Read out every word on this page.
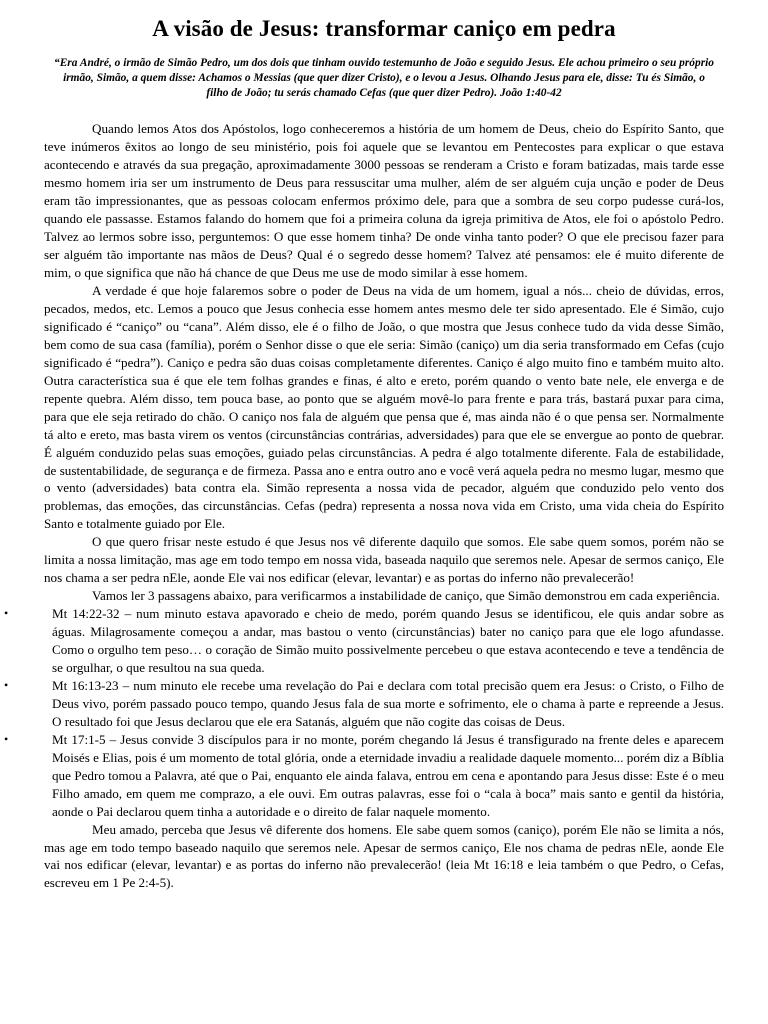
A visão de Jesus: transformar caniço em pedra
“Era André, o irmão de Simão Pedro, um dos dois que tinham ouvido testemunho de João e seguido Jesus. Ele achou primeiro o seu próprio irmão, Simão, a quem disse: Achamos o Messias (que quer dizer Cristo), e o levou a Jesus. Olhando Jesus para ele, disse: Tu és Simão, o filho de João; tu serás chamado Cefas (que quer dizer Pedro). João 1:40-42

Quando lemos Atos dos Apóstolos, logo conheceremos a história de um homem de Deus, cheio do Espírito Santo, que teve inúmeros êxitos ao longo de seu ministério, pois foi aquele que se levantou em Pentecostes para explicar o que estava acontecendo e através da sua pregação, aproximadamente 3000 pessoas se renderam a Cristo e foram batizadas, mais tarde esse mesmo homem iria ser um instrumento de Deus para ressuscitar uma mulher, além de ser alguém cuja unção e poder de Deus eram tão impressionantes, que as pessoas colocam enfermos próximo dele, para que a sombra de seu corpo pudesse curá-los, quando ele passasse. Estamos falando do homem que foi a primeira coluna da igreja primitiva de Atos, ele foi o apóstolo Pedro. Talvez ao lermos sobre isso, perguntemos: O que esse homem tinha? De onde vinha tanto poder? O que ele precisou fazer para ser alguém tão importante nas mãos de Deus? Qual é o segredo desse homem? Talvez até pensamos: ele é muito diferente de mim, o que significa que não há chance de que Deus me use de modo similar à esse homem.

A verdade é que hoje falaremos sobre o poder de Deus na vida de um homem, igual a nós... cheio de dúvidas, erros, pecados, medos, etc. Lemos a pouco que Jesus conhecia esse homem antes mesmo dele ter sido apresentado. Ele é Simão, cujo significado é “caniço” ou “cana”. Além disso, ele é o filho de João, o que mostra que Jesus conhece tudo da vida desse Simão, bem como de sua casa (família), porém o Senhor disse o que ele seria: Simão (caniço) um dia seria transformado em Cefas (cujo significado é “pedra”). Caniço e pedra são duas coisas completamente diferentes. Caniço é algo muito fino e também muito alto. Outra característica sua é que ele tem folhas grandes e finas, é alto e ereto, porém quando o vento bate nele, ele enverga e de repente quebra. Além disso, tem pouca base, ao ponto que se alguém movê-lo para frente e para trás, bastará puxar para cima, para que ele seja retirado do chão. O caniço nos fala de alguém que pensa que é, mas ainda não é o que pensa ser. Normalmente tá alto e ereto, mas basta virem os ventos (circunstâncias contrárias, adversidades) para que ele se envergue ao ponto de quebrar. É alguém conduzido pelas suas emoções, guiado pelas circunstâncias. A pedra é algo totalmente diferente. Fala de estabilidade, de sustentabilidade, de segurança e de firmeza. Passa ano e entra outro ano e você verá aquela pedra no mesmo lugar, mesmo que o vento (adversidades) bata contra ela. Simão representa a nossa vida de pecador, alguém que conduzido pelo vento dos problemas, das emoções, das circunstâncias. Cefas (pedra) representa a nossa nova vida em Cristo, uma vida cheia do Espírito Santo e totalmente guiado por Ele.

O que quero frisar neste estudo é que Jesus nos vê diferente daquilo que somos. Ele sabe quem somos, porém não se limita a nossa limitação, mas age em todo tempo em nossa vida, baseada naquilo que seremos nele. Apesar de sermos caniço, Ele nos chama a ser pedra nEle, aonde Ele vai nos edificar (elevar, levantar) e as portas do inferno não prevalecerão!

Vamos ler 3 passagens abaixo, para verificarmos a instabilidade de caniço, que Simão demonstrou em cada experiência.

•	Mt 14:22-32 – num minuto estava apavorado e cheio de medo, porém quando Jesus se identificou, ele quis andar sobre as águas. Milagrosamente começou a andar, mas bastou o vento (circunstâncias) bater no caniço para que ele logo afundasse. Como o orgulho tem peso… o coração de Simão muito possivelmente percebeu o que estava acontecendo e teve a tendência de se orgulhar, o que resultou na sua queda.
•	Mt 16:13-23 – num minuto ele recebe uma revelação do Pai e declara com total precisão quem era Jesus: o Cristo, o Filho de Deus vivo, porém passado pouco tempo, quando Jesus fala de sua morte e sofrimento, ele o chama à parte e repreende a Jesus. O resultado foi que Jesus declarou que ele era Satanás, alguém que não cogite das coisas de Deus.
•	Mt 17:1-5 – Jesus convide 3 discípulos para ir no monte, porém chegando lá Jesus é transfigurado na frente deles e aparecem Moisés e Elias, pois é um momento de total glória, onde a eternidade invadiu a realidade daquele momento... porém diz a Bíblia que Pedro tomou a Palavra, até que o Pai, enquanto ele ainda falava, entrou em cena e apontando para Jesus disse: Este é o meu Filho amado, em quem me comprazo, a ele ouvi. Em outras palavras, esse foi o “cala à boca” mais santo e gentil da história, aonde o Pai declarou quem tinha a autoridade e o direito de falar naquele momento.

Meu amado, perceba que Jesus vê diferente dos homens. Ele sabe quem somos (caniço), porém Ele não se limita a nós, mas age em todo tempo baseado naquilo que seremos nele. Apesar de sermos caniço, Ele nos chama de pedras nEle, aonde Ele vai nos edificar (elevar, levantar) e as portas do inferno não prevalecerão! (leia Mt 16:18 e leia também o que Pedro, o Cefas, escreveu em 1 Pe 2:4-5).
